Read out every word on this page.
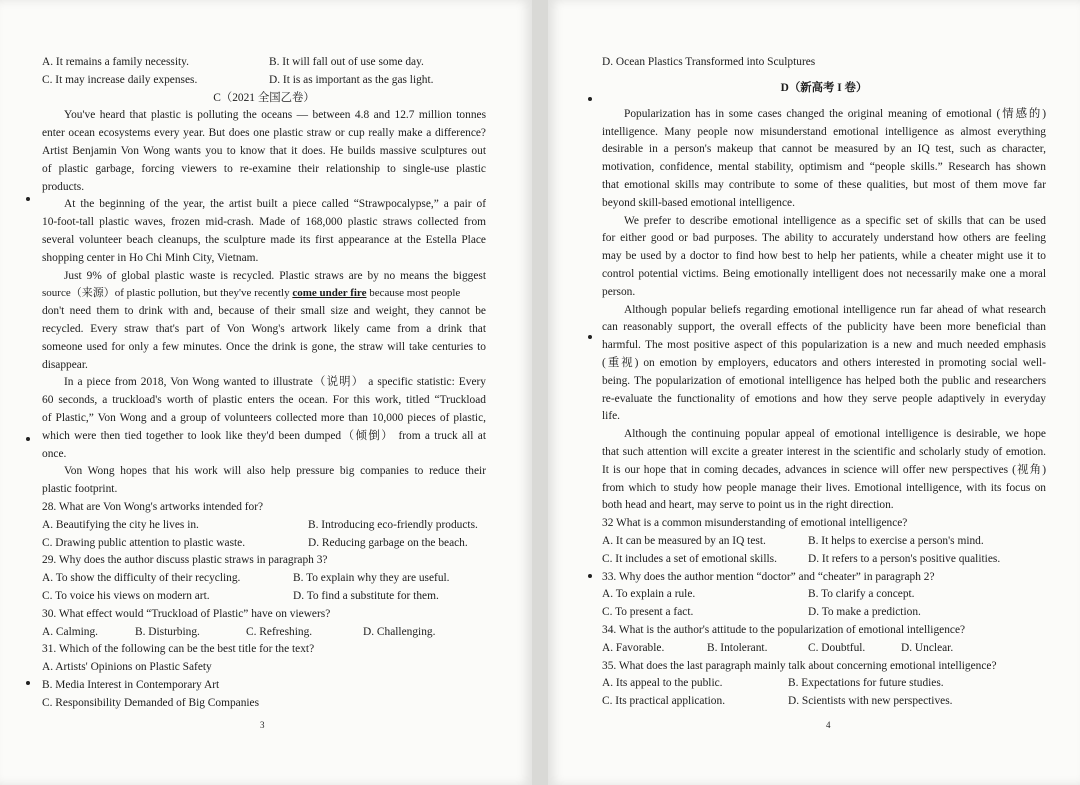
A. It remains a family necessity.	B. It will fall out of use some day.
C. It may increase daily expenses.	D. It is as important as the gas light.
C（2021 全国乙卷）
You've heard that plastic is polluting the oceans — between 4.8 and 12.7 million tonnes
enter ocean ecosystems every year. But does one plastic straw or cup really make a difference?
Artist Benjamin Von Wong wants you to know that it does. He builds massive sculptures out
of plastic garbage, forcing viewers to re-examine their relationship to single-use plastic
products.
At the beginning of the year, the artist built a piece called “Strawpocalypse,” a pair of
10-foot-tall plastic waves, frozen mid-crash. Made of 168,000 plastic straws collected from
several volunteer beach cleanups, the sculpture made its first appearance at the Estella Place
shopping center in Ho Chi Minh City, Vietnam.
Just 9% of global plastic waste is recycled. Plastic straws are by no means the biggest
source（来源）of plastic pollution, but they've recently come under fire because most people
don't need them to drink with and, because of their small size and weight, they cannot be
recycled. Every straw that's part of Von Wong's artwork likely came from a drink that
someone used for only a few minutes. Once the drink is gone, the straw will take centuries to
disappear.
In a piece from 2018, Von Wong wanted to illustrate（说明） a specific statistic: Every
60 seconds, a truckload's worth of plastic enters the ocean. For this work, titled “Truckload
of Plastic,” Von Wong and a group of volunteers collected more than 10,000 pieces of plastic,
which were then tied together to look like they'd been dumped（倾倒） from a truck all at
once.
Von Wong hopes that his work will also help pressure big companies to reduce their
plastic footprint.
28. What are Von Wong's artworks intended for?
A. Beautifying the city he lives in.	B. Introducing eco-friendly products.
C. Drawing public attention to plastic waste.	D. Reducing garbage on the beach.
29. Why does the author discuss plastic straws in paragraph 3?
A. To show the difficulty of their recycling.	B. To explain why they are useful.
C. To voice his views on modern art.	D. To find a substitute for them.
30. What effect would “Truckload of Plastic” have on viewers?
A. Calming.	B. Disturbing.	C. Refreshing.	D. Challenging.
31. Which of the following can be the best title for the text?
A. Artists' Opinions on Plastic Safety
B. Media Interest in Contemporary Art
C. Responsibility Demanded of Big Companies
3
D. Ocean Plastics Transformed into Sculptures
D（新高考 I 卷）
Popularization has in some cases changed the original meaning of emotional (情感的)
intelligence. Many people now misunderstand emotional intelligence as almost everything
desirable in a person's makeup that cannot be measured by an IQ test, such as character,
motivation, confidence, mental stability, optimism and “people skills.” Research has shown
that emotional skills may contribute to some of these qualities, but most of them move far
beyond skill-based emotional intelligence.
We prefer to describe emotional intelligence as a specific set of skills that can be used
for either good or bad purposes. The ability to accurately understand how others are feeling
may be used by a doctor to find how best to help her patients, while a cheater might use it to
control potential victims. Being emotionally intelligent does not necessarily make one a moral
person.
Although popular beliefs regarding emotional intelligence run far ahead of what research
can reasonably support, the overall effects of the publicity have been more beneficial than
harmful. The most positive aspect of this popularization is a new and much needed emphasis
(重视) on emotion by employers, educators and others interested in promoting social well-
being. The popularization of emotional intelligence has helped both the public and researchers
re-evaluate the functionality of emotions and how they serve people adaptively in everyday
life.
Although the continuing popular appeal of emotional intelligence is desirable, we hope
that such attention will excite a greater interest in the scientific and scholarly study of emotion.
It is our hope that in coming decades, advances in science will offer new perspectives (视角)
from which to study how people manage their lives. Emotional intelligence, with its focus on
both head and heart, may serve to point us in the right direction.
32 What is a common misunderstanding of emotional intelligence?
A. It can be measured by an IQ test.	B. It helps to exercise a person's mind.
C. It includes a set of emotional skills.	D. It refers to a person's positive qualities.
33. Why does the author mention “doctor” and “cheater” in paragraph 2?
A. To explain a rule.	B. To clarify a concept.
C. To present a fact.	D. To make a prediction.
34. What is the author's attitude to the popularization of emotional intelligence?
A. Favorable.	B. Intolerant.	C. Doubtful.	D. Unclear.
35. What does the last paragraph mainly talk about concerning emotional intelligence?
A. Its appeal to the public.	B. Expectations for future studies.
C. Its practical application.	D. Scientists with new perspectives.
4
